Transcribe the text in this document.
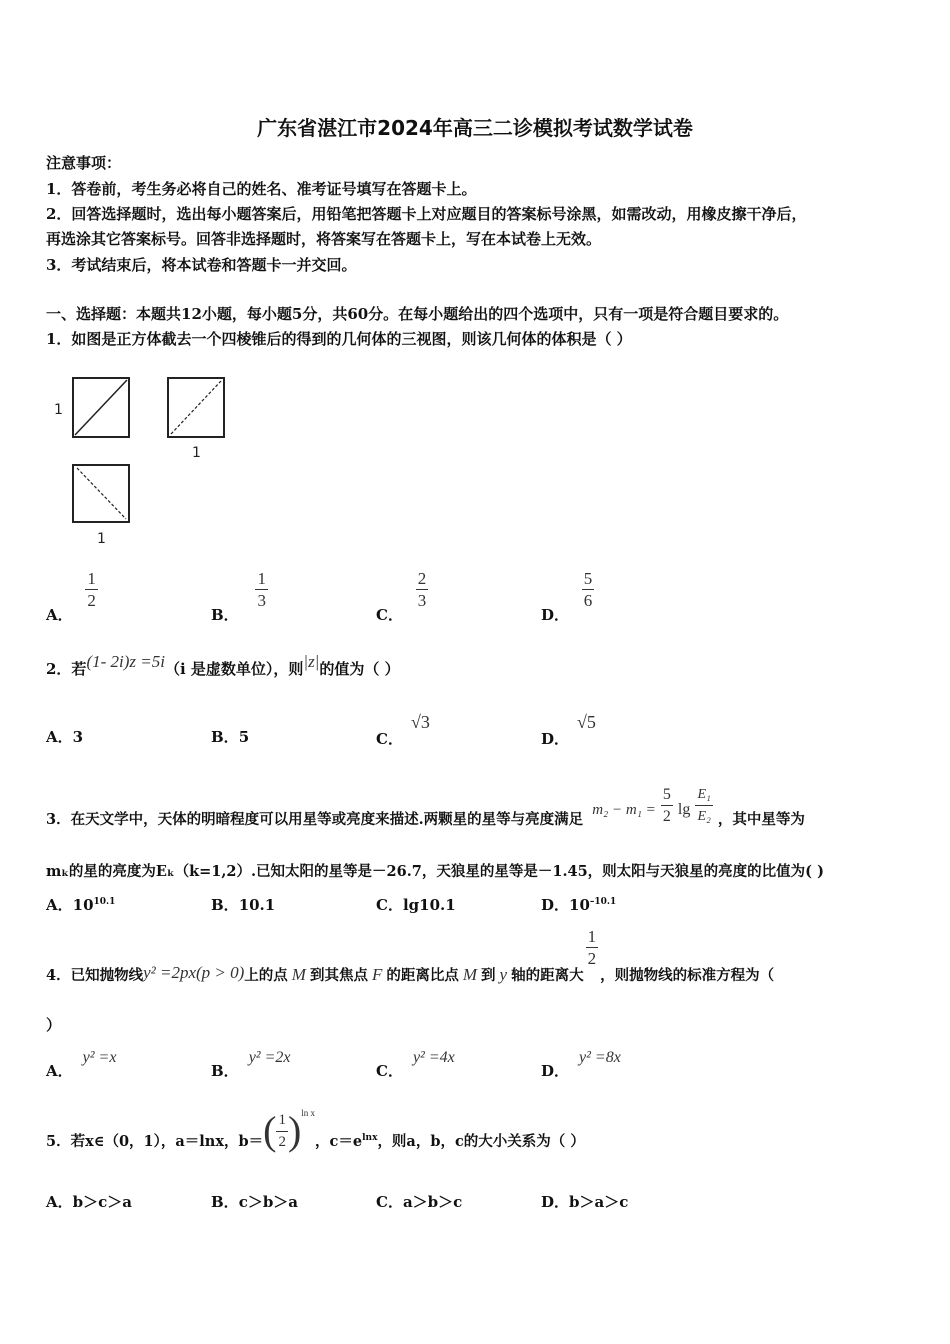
广东省湛江市2024年高三二诊模拟考试数学试卷
注意事项：
1．答卷前，考生务必将自己的姓名、准考证号填写在答题卡上。
2．回答选择题时，选出每小题答案后，用铅笔把答题卡上对应题目的答案标号涂黑，如需改动，用橡皮擦干净后，
再选涂其它答案标号。回答非选择题时，将答案写在答题卡上，写在本试卷上无效。
3．考试结束后，将本试卷和答题卡一并交回。
一、选择题：本题共12小题，每小题5分，共60分。在每小题给出的四个选项中，只有一项是符合题目要求的。
1．如图是正方体截去一个四棱锥后的得到的几何体的三视图，则该几何体的体积是（ ）
1
1
1
A．
$\frac{1}{2}$
B．
$\frac{1}{3}$
C．
$\frac{2}{3}$
D．
$\frac{5}{6}$
2．若(1- 2i)z =5i（i 是虚数单位），则|z|的值为（ ）
A．3	B．5	C．√3
D．√5
3．在天文学中，天体的明暗程度可以用星等或亮度来描述.两颗星的星等与亮度满足 $m_2 - m_1 = \frac{5}{2}$ $\lg \frac{\text{E₁}}{\text{E₂}}$ ，其中星等为
mₖ的星的亮度为Eₖ（k=1,2）.已知太阳的星等是－26.7，天狼星的星等是－1.45，则太阳与天狼星的亮度的比值为( )
A．$10^{10.1}$	B．10.1	C．lg10.1	D．$10^{-10.1}$
4．已知抛物线y² =2px(p > 0)上的点 M 到其焦点 F 的距离比点 M 到 y 轴的距离大
$\frac{1}{2}$
，则抛物线的标准方程为（
）
A．y² =x
B．y² =2x
C．y² =4x
D．y² =8x
5．若x∈（0，1），a＝lnx，b＝ ( $\frac{1}{2} )^{ln x}$
，$c=e^{lnx}$，则a，b，c的大小关系为（ ）
A．b＞c＞a	B．c＞b＞a	C．a＞b＞c	D．b＞a＞c
